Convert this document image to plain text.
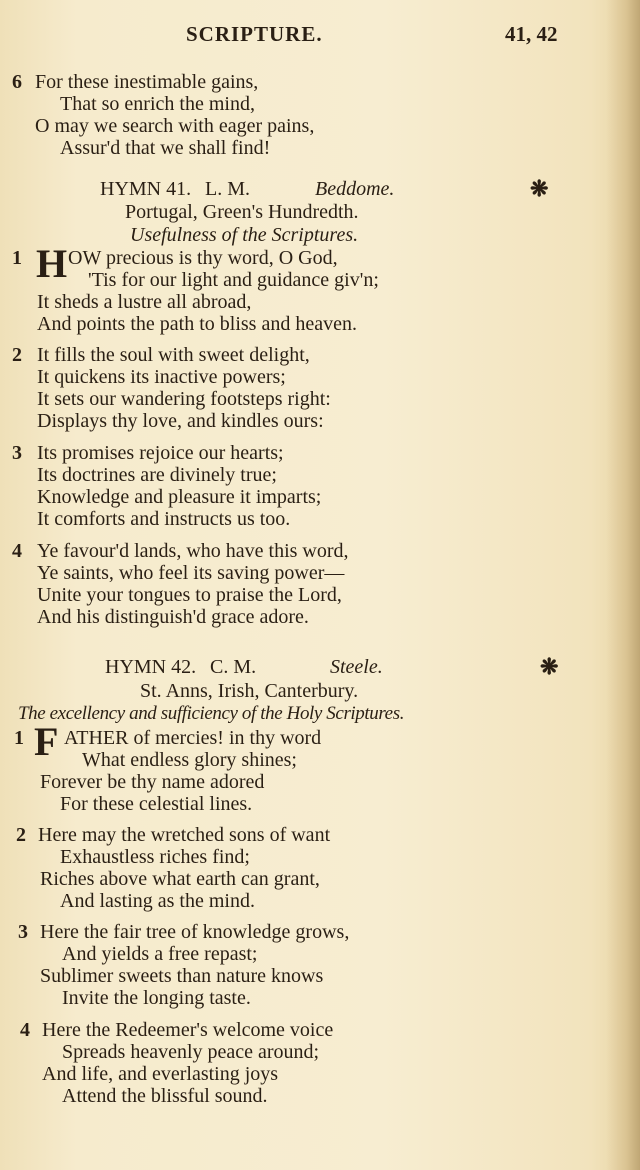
SCRIPTURE.	41, 42
6 For these inestimable gains,
That so enrich the mind,
O may we search with eager pains,
Assur'd that we shall find!
HYMN 41. L. M.	Beddome.	❋
Portugal, Green's Hundredth.
Usefulness of the Scriptures.
1 H OW precious is thy word, O God,
'Tis for our light and guidance giv'n;
It sheds a lustre all abroad,
And points the path to bliss and heaven.
2 It fills the soul with sweet delight,
It quickens its inactive powers;
It sets our wandering footsteps right:
Displays thy love, and kindles ours:
3 Its promises rejoice our hearts;
Its doctrines are divinely true;
Knowledge and pleasure it imparts;
It comforts and instructs us too.
4 Ye favour'd lands, who have this word,
Ye saints, who feel its saving power—
Unite your tongues to praise the Lord,
And his distinguish'd grace adore.
HYMN 42. C. M.	Steele.	❋
St. Anns, Irish, Canterbury.
The excellency and sufficiency of the Holy Scriptures.
1 F ATHER of mercies! in thy word
What endless glory shines;
Forever be thy name adored
For these celestial lines.
2 Here may the wretched sons of want
Exhaustless riches find;
Riches above what earth can grant,
And lasting as the mind.
3 Here the fair tree of knowledge grows,
And yields a free repast;
Sublimer sweets than nature knows
Invite the longing taste.
4 Here the Redeemer's welcome voice
Spreads heavenly peace around;
And life, and everlasting joys
Attend the blissful sound.
